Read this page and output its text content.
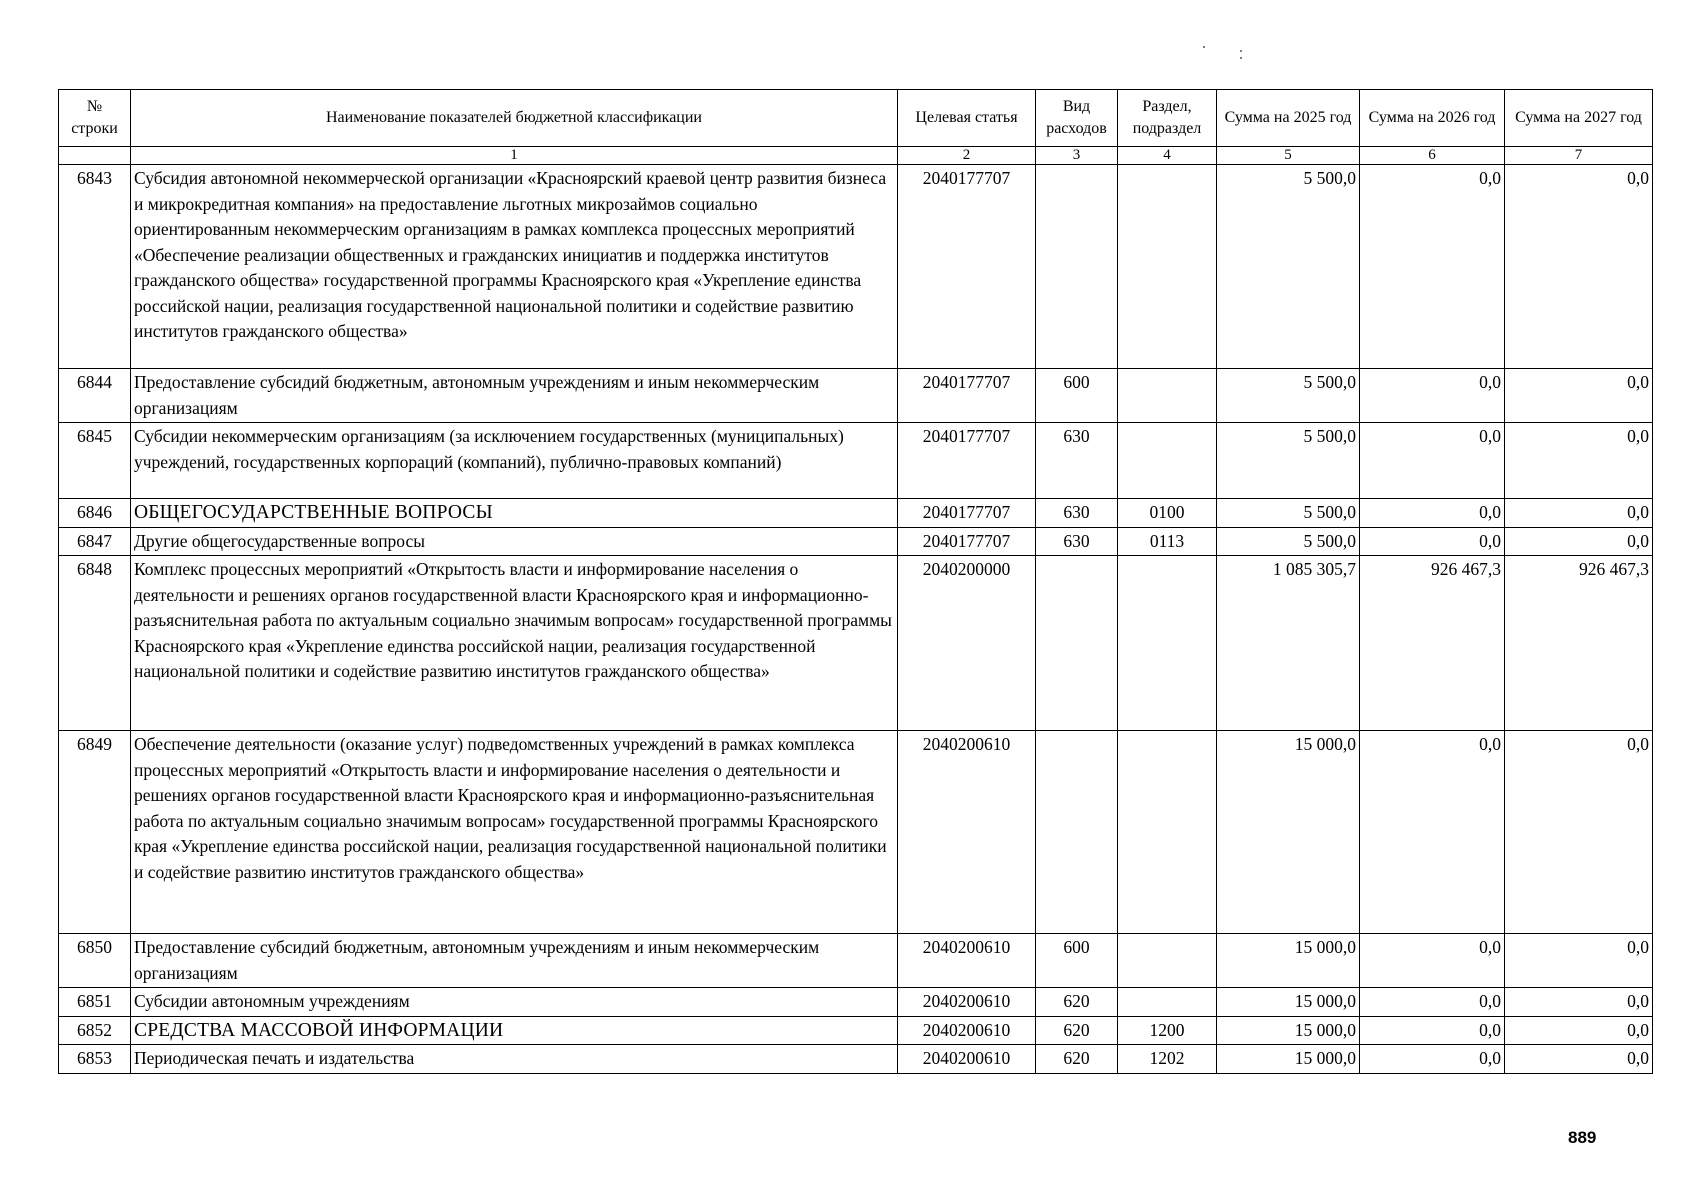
№ строки	Наименование показателей бюджетной классификации	Целевая статья	Вид расходов	Раздел, подраздел	Сумма на 2025 год	Сумма на 2026 год	Сумма на 2027 год
	1	2	3	4	5	6	7
6843	Субсидия автономной некоммерческой организации «Красноярский краевой центр развития бизнеса и микрокредитная компания» на предоставление льготных микрозаймов социально ориентированным некоммерческим организациям в рамках комплекса процессных мероприятий «Обеспечение реализации общественных и гражданских инициатив и поддержка институтов гражданского общества» государственной программы Красноярского края «Укрепление единства российской нации, реализация государственной национальной политики и содействие развитию институтов гражданского общества»	2040177707			5 500,0	0,0	0,0
6844	Предоставление субсидий бюджетным, автономным учреждениям и иным некоммерческим организациям	2040177707	600		5 500,0	0,0	0,0
6845	Субсидии некоммерческим организациям (за исключением государственных (муниципальных) учреждений, государственных корпораций (компаний), публично-правовых компаний)	2040177707	630		5 500,0	0,0	0,0
6846	ОБЩЕГОСУДАРСТВЕННЫЕ ВОПРОСЫ	2040177707	630	0100	5 500,0	0,0	0,0
6847	Другие общегосударственные вопросы	2040177707	630	0113	5 500,0	0,0	0,0
6848	Комплекс процессных мероприятий «Открытость власти и информирование населения о деятельности и решениях органов государственной власти Красноярского края и информационно-разъяснительная работа по актуальным социально значимым вопросам» государственной программы Красноярского края «Укрепление единства российской нации, реализация государственной национальной политики и содействие развитию институтов гражданского общества»	2040200000			1 085 305,7	926 467,3	926 467,3
6849	Обеспечение деятельности (оказание услуг) подведомственных учреждений в рамках комплекса процессных мероприятий «Открытость власти и информирование населения о деятельности и решениях органов государственной власти Красноярского края и информационно-разъяснительная работа по актуальным социально значимым вопросам» государственной программы Красноярского края «Укрепление единства российской нации, реализация государственной национальной политики и содействие развитию институтов гражданского общества»	2040200610			15 000,0	0,0	0,0
6850	Предоставление субсидий бюджетным, автономным учреждениям и иным некоммерческим организациям	2040200610	600		15 000,0	0,0	0,0
6851	Субсидии автономным учреждениям	2040200610	620		15 000,0	0,0	0,0
6852	СРЕДСТВА МАССОВОЙ ИНФОРМАЦИИ	2040200610	620	1200	15 000,0	0,0	0,0
6853	Периодическая печать и издательства	2040200610	620	1202	15 000,0	0,0	0,0
889
